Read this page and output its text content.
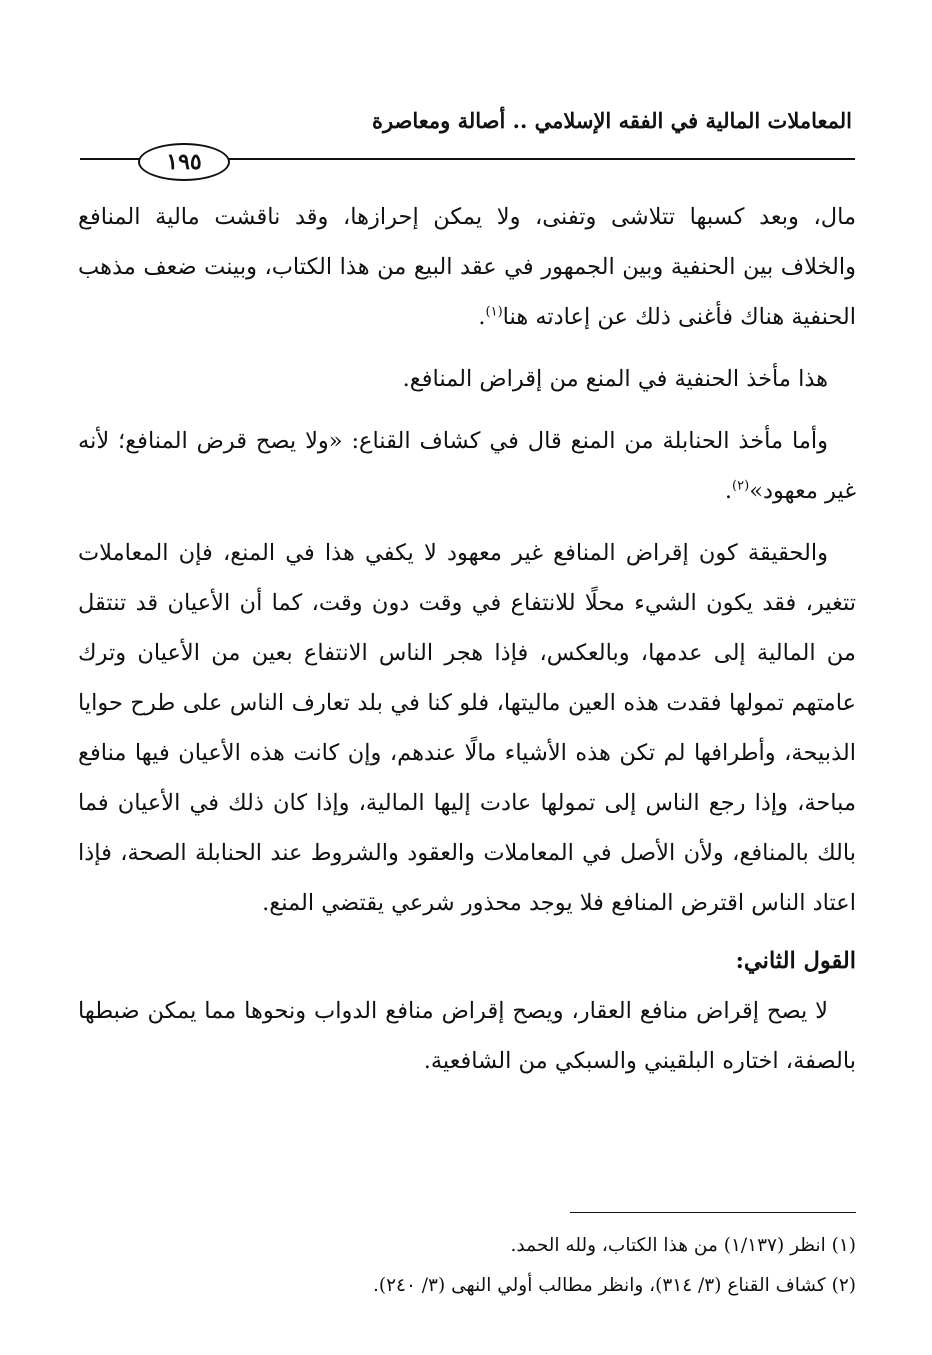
المعاملات المالية في الفقه الإسلامي .. أصالة ومعاصرة
١٩٥

مال، وبعد كسبها تتلاشى وتفنى، ولا يمكن إحرازها، وقد ناقشت مالية المنافع والخلاف بين الحنفية وبين الجمهور في عقد البيع من هذا الكتاب، وبينت ضعف مذهب الحنفية هناك فأغنى ذلك عن إعادته هنا$^{(١)}$.

هذا مأخذ الحنفية في المنع من إقراض المنافع.

وأما مأخذ الحنابلة من المنع قال في كشاف القناع: «ولا يصح قرض المنافع؛ لأنه غير معهود»$^{(٢)}$.

والحقيقة كون إقراض المنافع غير معهود لا يكفي هذا في المنع، فإن المعاملات تتغير، فقد يكون الشيء محلًا للانتفاع في وقت دون وقت، كما أن الأعيان قد تنتقل من المالية إلى عدمها، وبالعكس، فإذا هجر الناس الانتفاع بعين من الأعيان وترك عامتهم تمولها فقدت هذه العين ماليتها، فلو كنا في بلد تعارف الناس على طرح حوايا الذبيحة، وأطرافها لم تكن هذه الأشياء مالًا عندهم، وإن كانت هذه الأعيان فيها منافع مباحة، وإذا رجع الناس إلى تمولها عادت إليها المالية، وإذا كان ذلك في الأعيان فما بالك بالمنافع، ولأن الأصل في المعاملات والعقود والشروط عند الحنابلة الصحة، فإذا اعتاد الناس اقترض المنافع فلا يوجد محذور شرعي يقتضي المنع.

القول الثاني:

لا يصح إقراض منافع العقار، ويصح إقراض منافع الدواب ونحوها مما يمكن ضبطها بالصفة، اختاره البلقيني والسبكي من الشافعية.

(١) انظر (١/١٣٧) من هذا الكتاب، ولله الحمد.

(٢) كشاف القناع (٣/ ٣١٤)، وانظر مطالب أولي النهى (٣/ ٢٤٠).
